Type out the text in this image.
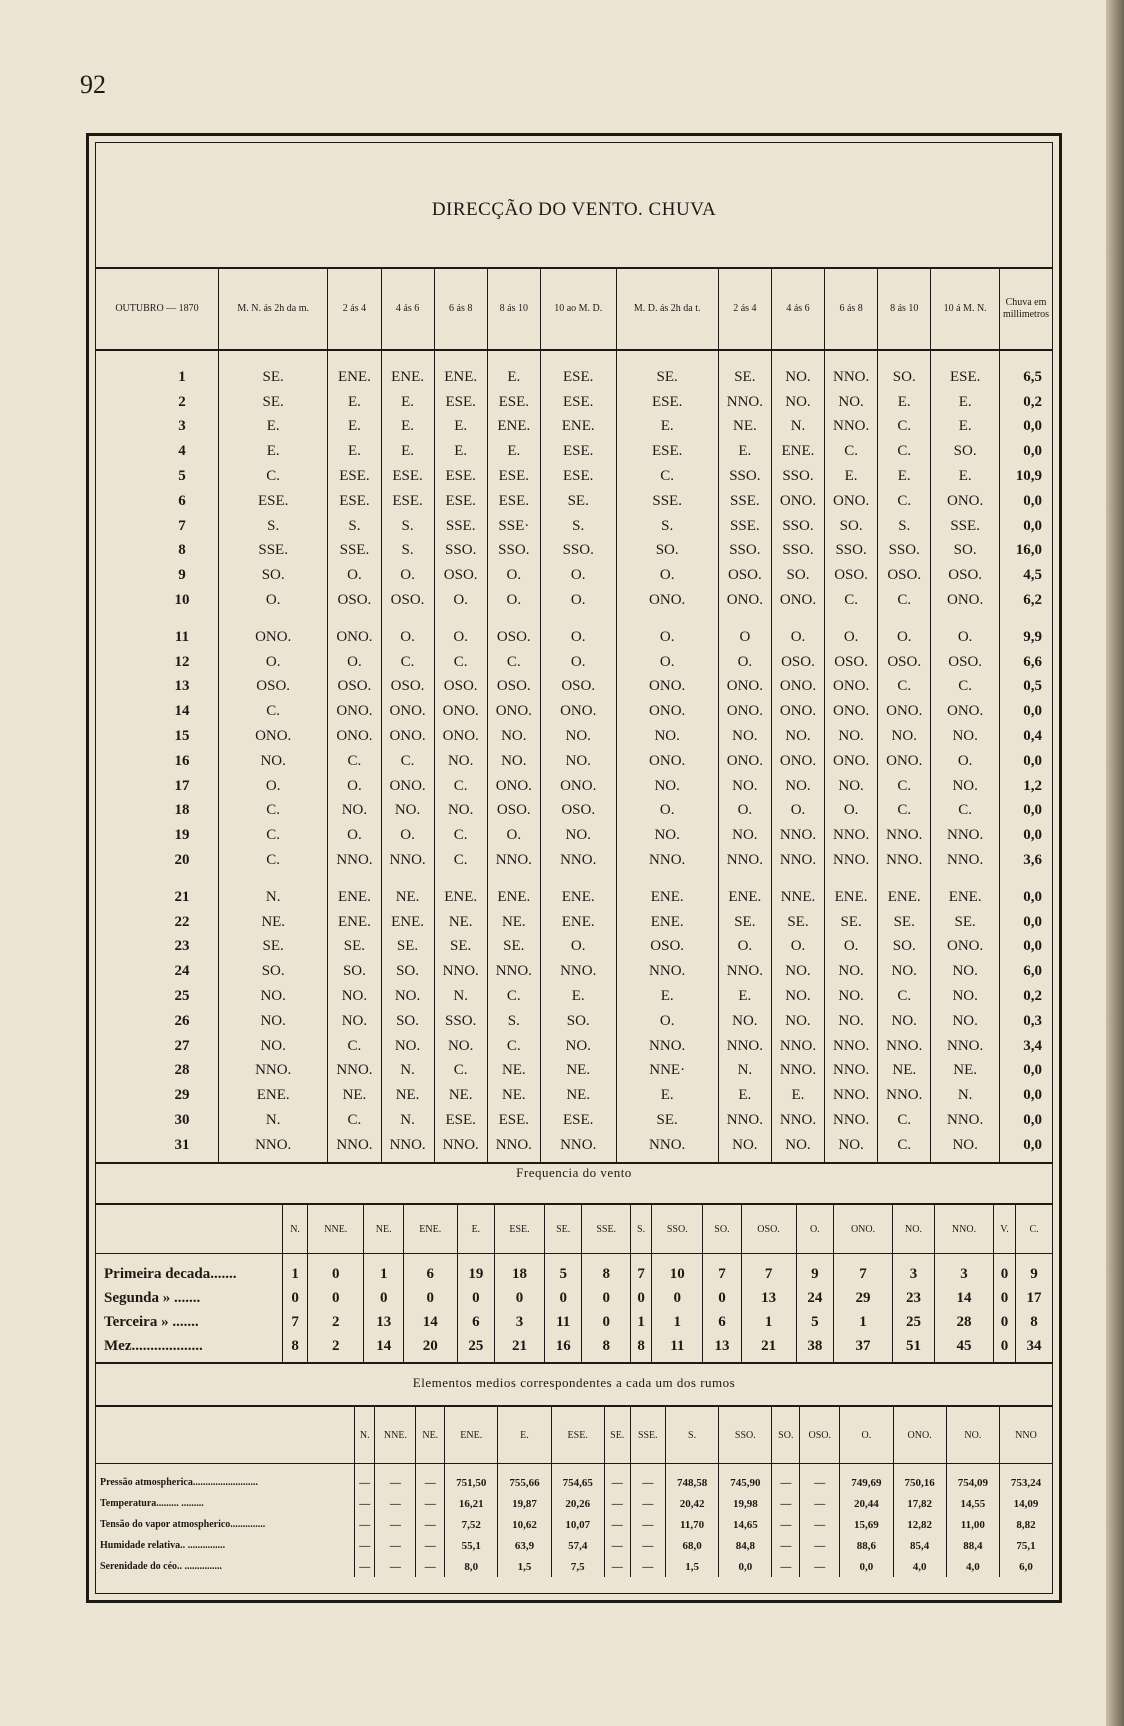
92
DIRECÇÃO DO VENTO. CHUVA
OUTUBRO — 1870	M. N. ás 2h da m.	2 ás 4	4 ás 6	6 ás 8	8 ás 10	10 ao M. D.	M. D. ás 2h da t.	2 ás 4	4 ás 6	6 ás 8	8 ás 10	10 á M. N.	Chuva em millimetros
1	SE.	ENE.	ENE.	ENE.	E.	ESE.	SE.	SE.	NO.	NNO.	SO.	ESE.	6,5
2	SE.	E.	E.	ESE.	ESE.	ESE.	ESE.	NNO.	NO.	NO.	E.	E.	0,2
3	E.	E.	E.	E.	ENE.	ENE.	E.	NE.	N.	NNO.	C.	E.	0,0
4	E.	E.	E.	E.	E.	ESE.	ESE.	E.	ENE.	C.	C.	SO.	0,0
5	C.	ESE.	ESE.	ESE.	ESE.	ESE.	C.	SSO.	SSO.	E.	E.	E.	10,9
6	ESE.	ESE.	ESE.	ESE.	ESE.	SE.	SSE.	SSE.	ONO.	ONO.	C.	ONO.	0,0
7	S.	S.	S.	SSE.	SSE·	S.	S.	SSE.	SSO.	SO.	S.	SSE.	0,0
8	SSE.	SSE.	S.	SSO.	SSO.	SSO.	SO.	SSO.	SSO.	SSO.	SSO.	SO.	16,0
9	SO.	O.	O.	OSO.	O.	O.	O.	OSO.	SO.	OSO.	OSO.	OSO.	4,5
10	O.	OSO.	OSO.	O.	O.	O.	ONO.	ONO.	ONO.	C.	C.	ONO.	6,2
11	ONO.	ONO.	O.	O.	OSO.	O.	O.	O	O.	O.	O.	O.	9,9
12	O.	O.	C.	C.	C.	O.	O.	O.	OSO.	OSO.	OSO.	OSO.	6,6
13	OSO.	OSO.	OSO.	OSO.	OSO.	OSO.	ONO.	ONO.	ONO.	ONO.	C.	C.	0,5
14	C.	ONO.	ONO.	ONO.	ONO.	ONO.	ONO.	ONO.	ONO.	ONO.	ONO.	ONO.	0,0
15	ONO.	ONO.	ONO.	ONO.	NO.	NO.	NO.	NO.	NO.	NO.	NO.	NO.	0,4
16	NO.	C.	C.	NO.	NO.	NO.	ONO.	ONO.	ONO.	ONO.	ONO.	O.	0,0
17	O.	O.	ONO.	C.	ONO.	ONO.	NO.	NO.	NO.	NO.	C.	NO.	1,2
18	C.	NO.	NO.	NO.	OSO.	OSO.	O.	O.	O.	O.	C.	C.	0,0
19	C.	O.	O.	C.	O.	NO.	NO.	NO.	NNO.	NNO.	NNO.	NNO.	0,0
20	C.	NNO.	NNO.	C.	NNO.	NNO.	NNO.	NNO.	NNO.	NNO.	NNO.	NNO.	3,6
21	N.	ENE.	NE.	ENE.	ENE.	ENE.	ENE.	ENE.	NNE.	ENE.	ENE.	ENE.	0,0
22	NE.	ENE.	ENE.	NE.	NE.	ENE.	ENE.	SE.	SE.	SE.	SE.	SE.	0,0
23	SE.	SE.	SE.	SE.	SE.	O.	OSO.	O.	O.	O.	SO.	ONO.	0,0
24	SO.	SO.	SO.	NNO.	NNO.	NNO.	NNO.	NNO.	NO.	NO.	NO.	NO.	6,0
25	NO.	NO.	NO.	N.	C.	E.	E.	E.	NO.	NO.	C.	NO.	0,2
26	NO.	NO.	SO.	SSO.	S.	SO.	O.	NO.	NO.	NO.	NO.	NO.	0,3
27	NO.	C.	NO.	NO.	C.	NO.	NNO.	NNO.	NNO.	NNO.	NNO.	NNO.	3,4
28	NNO.	NNO.	N.	C.	NE.	NE.	NNE·	N.	NNO.	NNO.	NE.	NE.	0,0
29	ENE.	NE.	NE.	NE.	NE.	NE.	E.	E.	E.	NNO.	NNO.	N.	0,0
30	N.	C.	N.	ESE.	ESE.	ESE.	SE.	NNO.	NNO.	NNO.	C.	NNO.	0,0
31	NNO.	NNO.	NNO.	NNO.	NNO.	NNO.	NNO.	NO.	NO.	NO.	C.	NO.	0,0
Frequencia do vento
	N.	NNE.	NE.	ENE.	E.	ESE.	SE.	SSE.	S.	SSO.	SO.	OSO.	O.	ONO.	NO.	NNO.	V.	C.
Primeira decada.......	1	0	1	6	19	18	5	8	7	10	7	7	9	7	3	3	0	9
Segunda » .......	0	0	0	0	0	0	0	0	0	0	0	13	24	29	23	14	0	17
Terceira » .......	7	2	13	14	6	3	11	0	1	1	6	1	5	1	25	28	0	8
Mez...................	8	2	14	20	25	21	16	8	8	11	13	21	38	37	51	45	0	34
Elementos medios correspondentes a cada um dos rumos
	N.	NNE.	NE.	ENE.	E.	ESE.	SE.	SSE.	S.	SSO.	SO.	OSO.	O.	ONO.	NO.	NNO
Pressão atmospherica..........................	—	—	—	751,50	755,66	754,65	—	—	748,58	745,90	—	—	749,69	750,16	754,09	753,24
Temperatura......... .........	—	—	—	16,21	19,87	20,26	—	—	20,42	19,98	—	—	20,44	17,82	14,55	14,09
Tensão do vapor atmospherico..............	—	—	—	7,52	10,62	10,07	—	—	11,70	14,65	—	—	15,69	12,82	11,00	8,82
Humidade relativa.. ...............	—	—	—	55,1	63,9	57,4	—	—	68,0	84,8	—	—	88,6	85,4	88,4	75,1
Serenidade do céo.. ...............	—	—	—	8,0	1,5	7,5	—	—	1,5	0,0	—	—	0,0	4,0	4,0	6,0
